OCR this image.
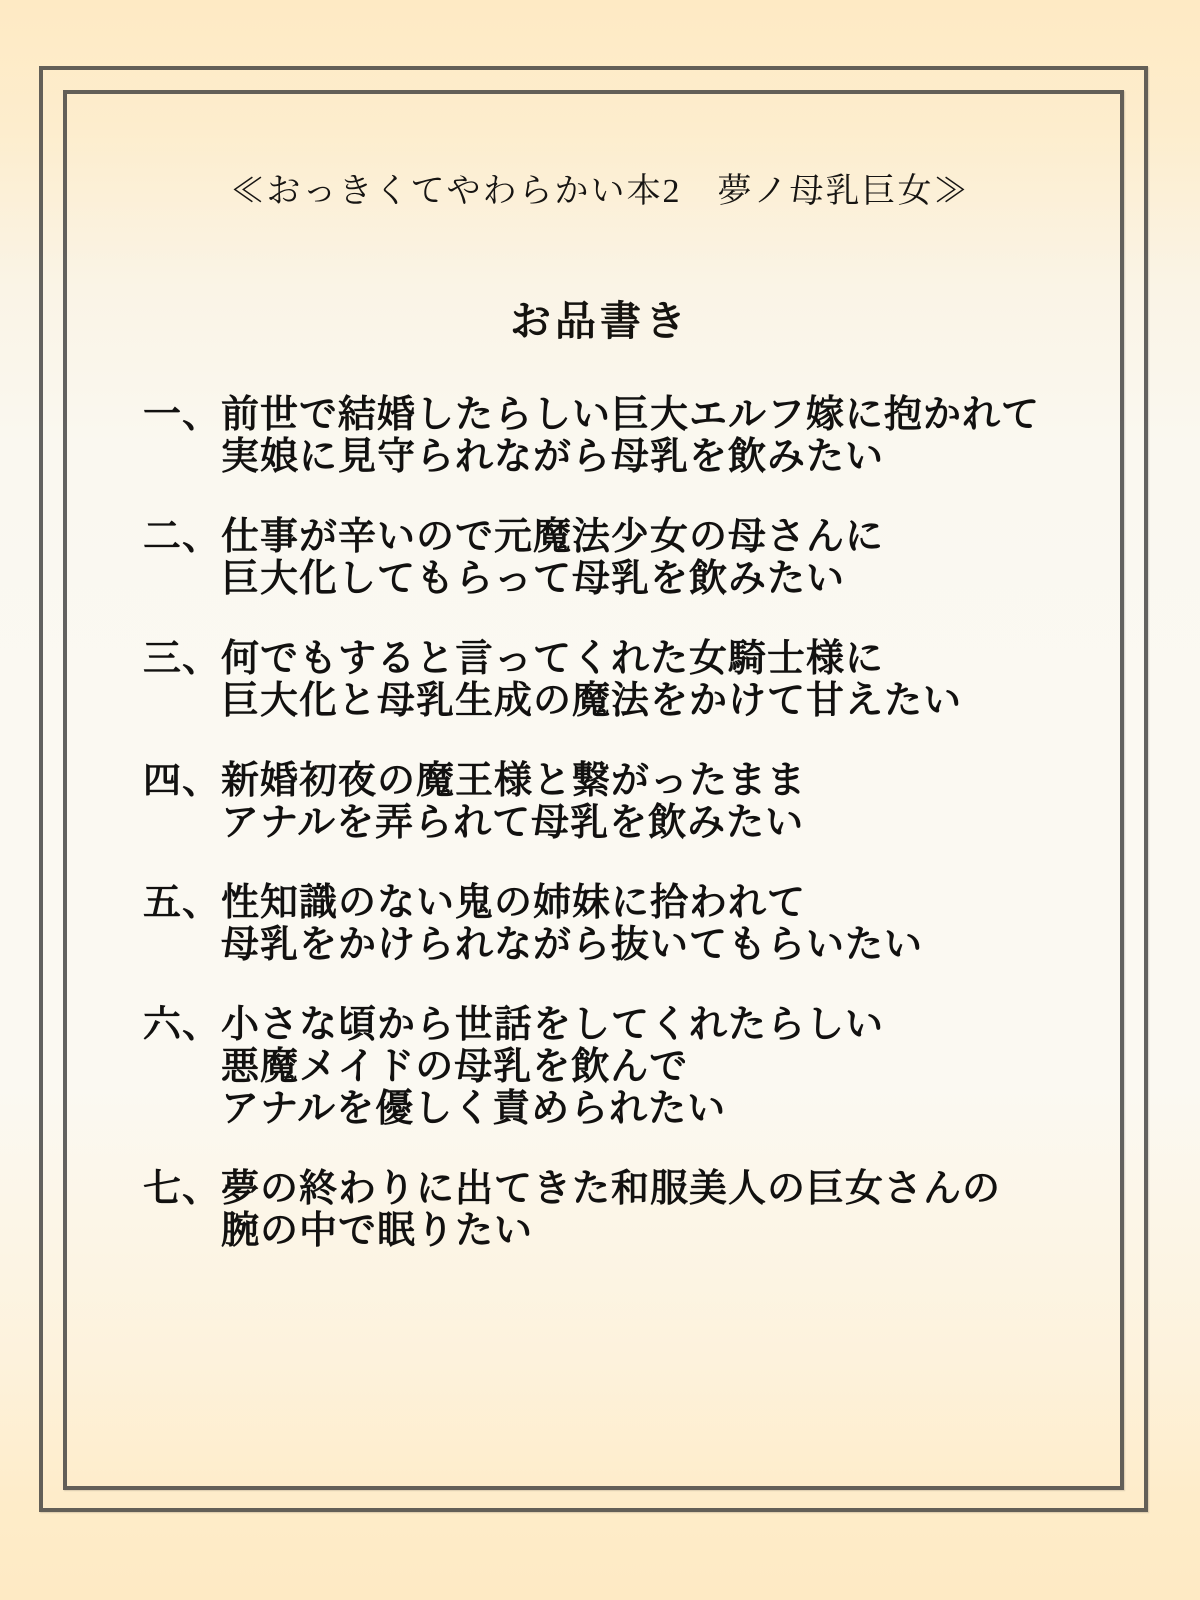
≪おっきくてやわらかい本2　夢ノ母乳巨女≫
お品書き
一、 前世で結婚したらしい巨大エルフ嫁に抱かれて
実娘に見守られながら母乳を飲みたい
二、 仕事が辛いので元魔法少女の母さんに
巨大化してもらって母乳を飲みたい
三、 何でもすると言ってくれた女騎士様に
巨大化と母乳生成の魔法をかけて甘えたい
四、 新婚初夜の魔王様と繋がったまま
アナルを弄られて母乳を飲みたい
五、 性知識のない鬼の姉妹に拾われて
母乳をかけられながら抜いてもらいたい
六、 小さな頃から世話をしてくれたらしい
悪魔メイドの母乳を飲んで
アナルを優しく責められたい
七、 夢の終わりに出てきた和服美人の巨女さんの
腕の中で眠りたい
